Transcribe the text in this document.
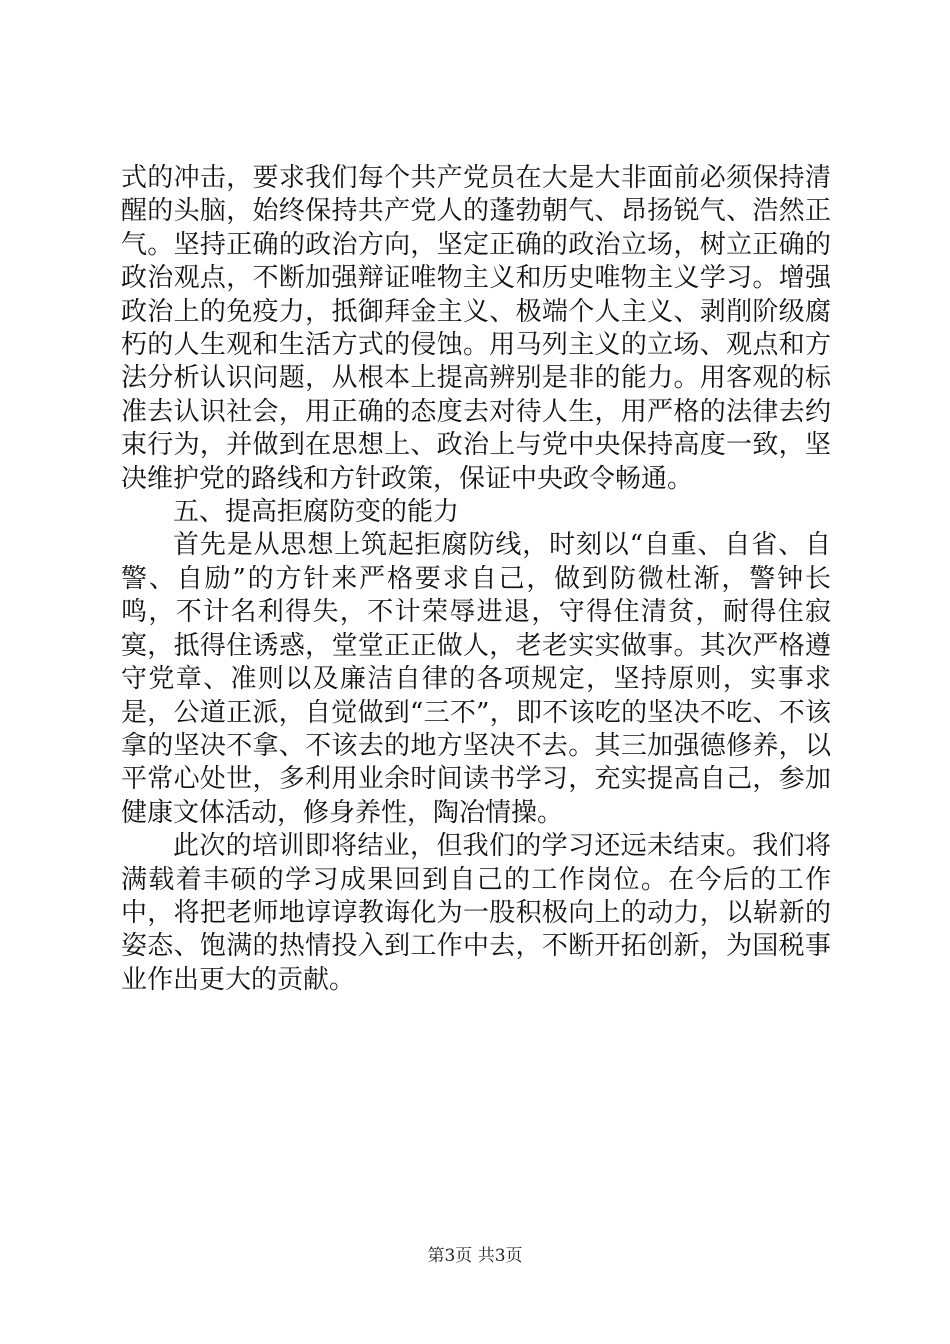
式的冲击，要求我们每个共产党员在大是大非面前必须保持清醒的头脑，始终保持共产党人的蓬勃朝气、昂扬锐气、浩然正气。坚持正确的政治方向，坚定正确的政治立场，树立正确的政治观点，不断加强辩证唯物主义和历史唯物主义学习。增强政治上的免疫力，抵御拜金主义、极端个人主义、剥削阶级腐朽的人生观和生活方式的侵蚀。用马列主义的立场、观点和方法分析认识问题，从根本上提高辨别是非的能力。用客观的标准去认识社会，用正确的态度去对待人生，用严格的法律去约束行为，并做到在思想上、政治上与党中央保持高度一致，坚决维护党的路线和方针政策，保证中央政令畅通。

五、提高拒腐防变的能力

首先是从思想上筑起拒腐防线，时刻以“自重、自省、自警、自励”的方针来严格要求自己，做到防微杜渐，警钟长鸣，不计名利得失，不计荣辱进退，守得住清贫，耐得住寂寞，抵得住诱惑，堂堂正正做人，老老实实做事。其次严格遵守党章、准则以及廉洁自律的各项规定，坚持原则，实事求是，公道正派，自觉做到“三不”，即不该吃的坚决不吃、不该拿的坚决不拿、不该去的地方坚决不去。其三加强德修养，以平常心处世，多利用业余时间读书学习，充实提高自己，参加健康文体活动，修身养性，陶冶情操。

此次的培训即将结业，但我们的学习还远未结束。我们将满载着丰硕的学习成果回到自己的工作岗位。在今后的工作中，将把老师地谆谆教诲化为一股积极向上的动力，以崭新的姿态、饱满的热情投入到工作中去，不断开拓创新，为国税事业作出更大的贡献。

第3页 共3页
